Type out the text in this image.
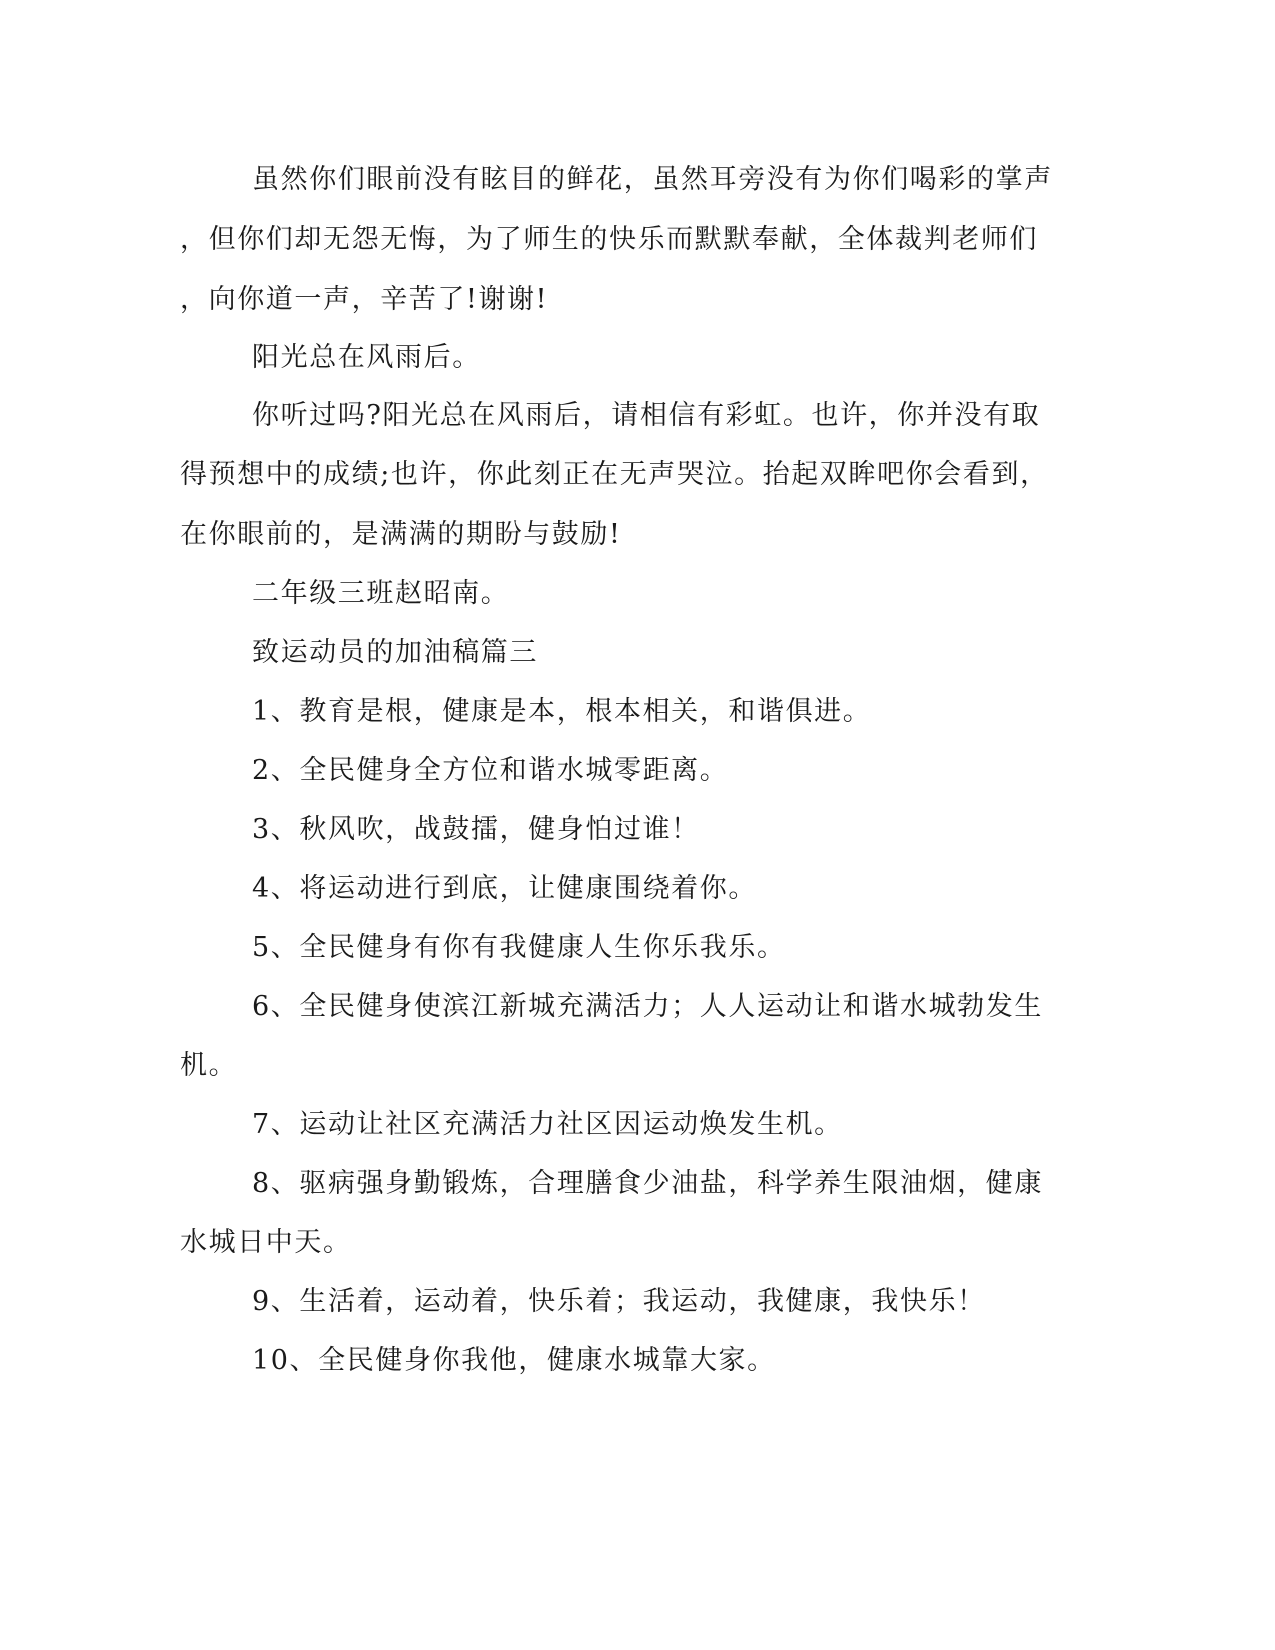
虽然你们眼前没有眩目的鲜花，虽然耳旁没有为你们喝彩的掌声
，但你们却无怨无悔，为了师生的快乐而默默奉献，全体裁判老师们
，向你道一声，辛苦了!谢谢!
阳光总在风雨后。
你听过吗?阳光总在风雨后，请相信有彩虹。也许，你并没有取
得预想中的成绩;也许，你此刻正在无声哭泣。抬起双眸吧你会看到，
在你眼前的，是满满的期盼与鼓励!
二年级三班赵昭南。
致运动员的加油稿篇三
1、教育是根，健康是本，根本相关，和谐俱进。
2、全民健身全方位和谐水城零距离。
3、秋风吹，战鼓擂，健身怕过谁！
4、将运动进行到底，让健康围绕着你。
5、全民健身有你有我健康人生你乐我乐。
6、全民健身使滨江新城充满活力；人人运动让和谐水城勃发生
机。
7、运动让社区充满活力社区因运动焕发生机。
8、驱病强身勤锻炼，合理膳食少油盐，科学养生限油烟，健康
水城日中天。
9、生活着，运动着，快乐着；我运动，我健康，我快乐！
10、全民健身你我他，健康水城靠大家。
